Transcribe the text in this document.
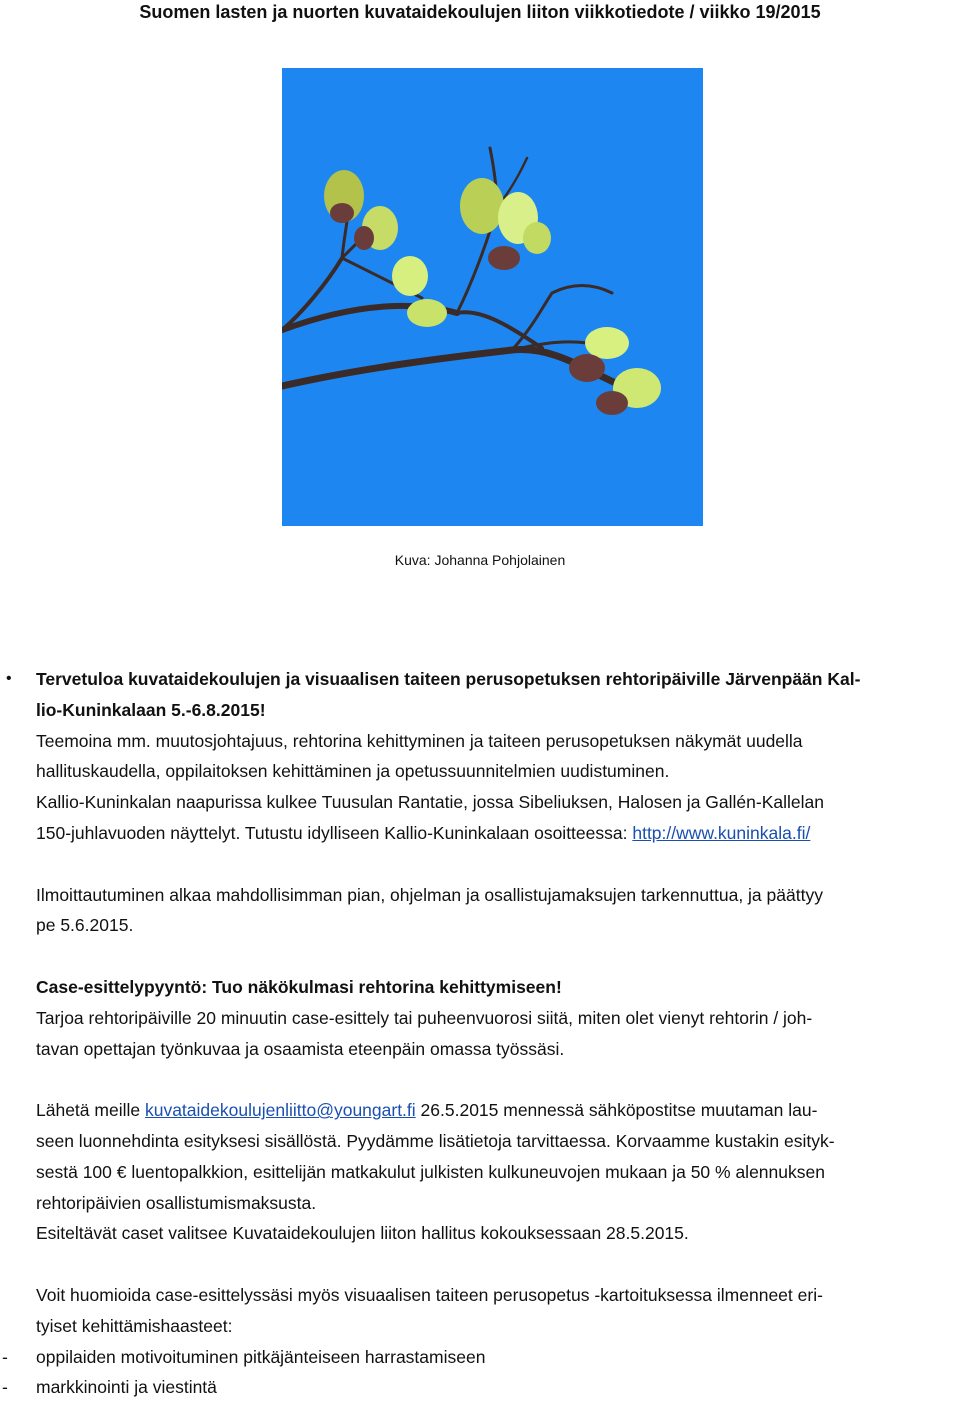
Suomen lasten ja nuorten kuvataidekoulujen liiton viikkotiedote / viikko 19/2015
Kuva: Johanna Pohjolainen
• Tervetuloa kuvataidekoulujen ja visuaalisen taiteen perusopetuksen rehtoripäiville Järvenpään Kal-

lio-Kuninkalaan 5.-6.8.2015!

Teemoina mm. muutosjohtajuus, rehtorina kehittyminen ja taiteen perusopetuksen näkymät uudella

hallituskaudella, oppilaitoksen kehittäminen ja opetussuunnitelmien uudistuminen.

Kallio-Kuninkalan naapurissa kulkee Tuusulan Rantatie, jossa Sibeliuksen, Halosen ja Gallén-Kallelan

150-juhlavuoden näyttelyt. Tutustu idylliseen Kallio-Kuninkalaan osoitteessa: http://www.kuninkala.fi/

Ilmoittautuminen alkaa mahdollisimman pian, ohjelman ja osallistujamaksujen tarkennuttua, ja päättyy

pe 5.6.2015.

Case-esittelypyyntö: Tuo näkökulmasi rehtorina kehittymiseen!

Tarjoa rehtoripäiville 20 minuutin case-esittely tai puheenvuorosi siitä, miten olet vienyt rehtorin / joh-

tavan opettajan työnkuvaa ja osaamista eteenpäin omassa työssäsi.

Lähetä meille kuvataidekoulujenliitto@youngart.fi 26.5.2015 mennessä sähköpostitse muutaman lau-

seen luonnehdinta esityksesi sisällöstä. Pyydämme lisätietoja tarvittaessa. Korvaamme kustakin esityk-

sestä 100 € luentopalkkion, esittelijän matkakulut julkisten kulkuneuvojen mukaan ja 50 % alennuksen

rehtoripäivien osallistumismaksusta.

Esiteltävät caset valitsee Kuvataidekoulujen liiton hallitus kokouksessaan 28.5.2015.

Voit huomioida case-esittelyssäsi myös visuaalisen taiteen perusopetus -kartoituksessa ilmenneet eri-

tyiset kehittämishaasteet:

- oppilaiden motivoituminen pitkäjänteiseen harrastamiseen

- markkinointi ja viestintä
